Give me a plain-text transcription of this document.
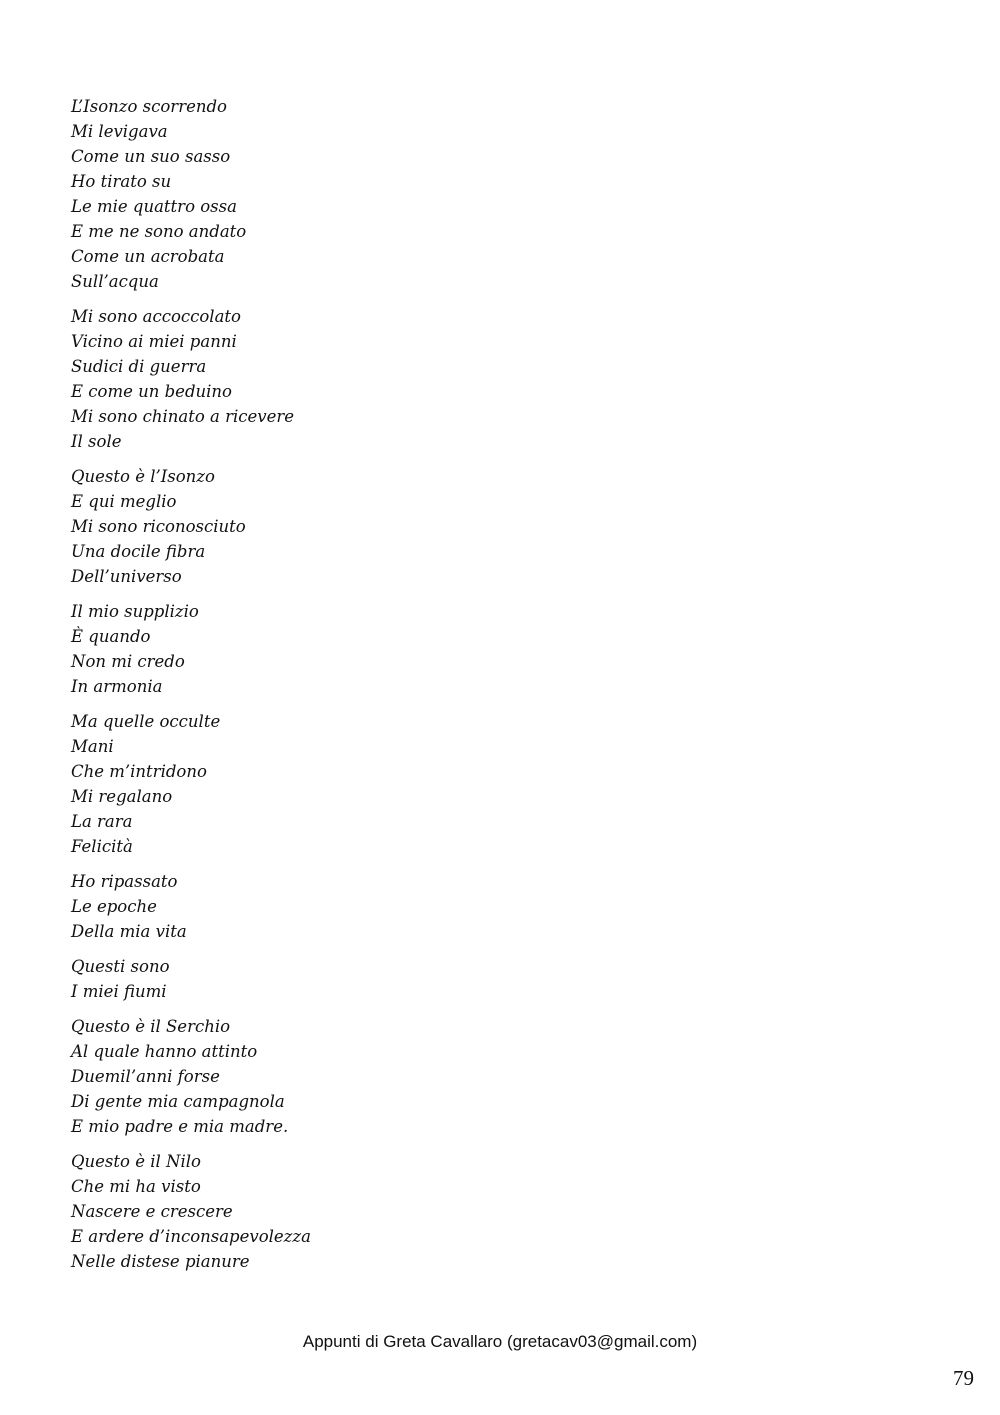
L’Isonzo scorrendo
Mi levigava
Come un suo sasso
Ho tirato su
Le mie quattro ossa
E me ne sono andato
Come un acrobata
Sull’acqua
Mi sono accoccolato
Vicino ai miei panni
Sudici di guerra
E come un beduino
Mi sono chinato a ricevere
Il sole
Questo è l’Isonzo
E qui meglio
Mi sono riconosciuto
Una docile fibra
Dell’universo
Il mio supplizio
È quando
Non mi credo
In armonia
Ma quelle occulte
Mani
Che m’intridono
Mi regalano
La rara
Felicità
Ho ripassato
Le epoche
Della mia vita
Questi sono
I miei fiumi
Questo è il Serchio
Al quale hanno attinto
Duemil’anni forse
Di gente mia campagnola
E mio padre e mia madre.
Questo è il Nilo
Che mi ha visto
Nascere e crescere
E ardere d’inconsapevolezza
Nelle distese pianure
Appunti di Greta Cavallaro (gretacav03@gmail.com)
79
